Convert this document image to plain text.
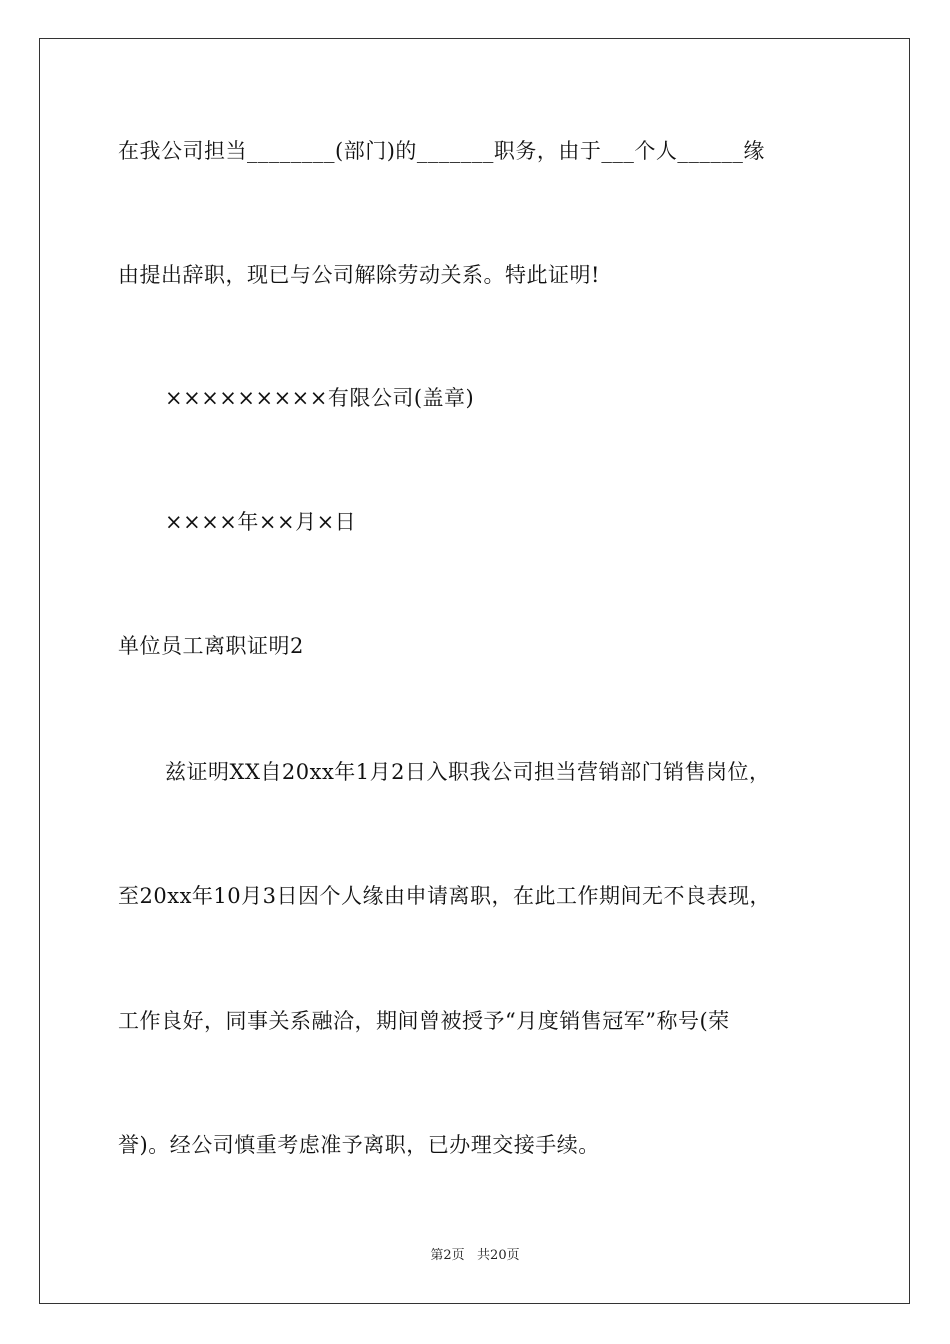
在我公司担当________(部门)的_______职务，由于___个人______缘
由提出辞职，现已与公司解除劳动关系。特此证明!
×××××××××有限公司(盖章)
××××年××月×日
单位员工离职证明2
兹证明XX自20xx年1月2日入职我公司担当营销部门销售岗位，
至20xx年10月3日因个人缘由申请离职，在此工作期间无不良表现，
工作良好，同事关系融洽，期间曾被授予“月度销售冠军”称号(荣
誉)。经公司慎重考虑准予离职，已办理交接手续。
第2页   共20页
